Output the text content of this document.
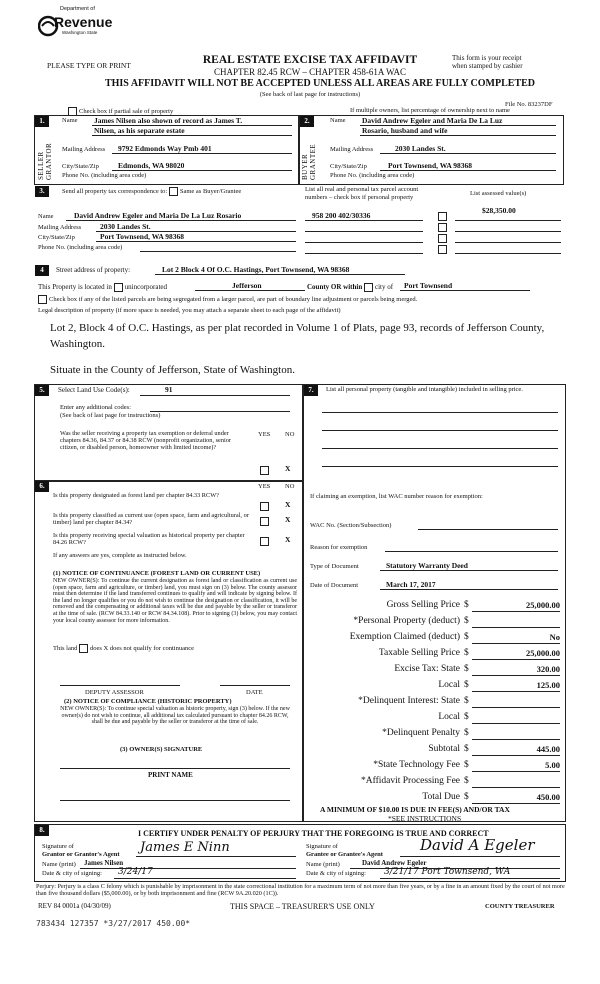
Department of
Revenue
Washington State
PLEASE TYPE OR PRINT	REAL ESTATE EXCISE TAX AFFIDAVIT
CHAPTER 82.45 RCW – CHAPTER 458-61A WAC
THIS AFFIDAVIT WILL NOT BE ACCEPTED UNLESS ALL AREAS ARE FULLY COMPLETED
(See back of last page for instructions)
This form is your receipt
when stamped by cashier
File No. 83237DF
Check box if partial sale of property	If multiple owners, list percentage of ownership next to name
1.	2.
SELLER GRANTOR	BUYER GRANTEE
Name James Nilsen also shown of record as James T.
Nilsen, as his separate estate
Mailing Address 9792 Edmonds Way Pmb 401
City/State/Zip	Edmonds, WA 98020
Phone No. (including area code)
Name David Andrew Egeler and Maria De La Luz
Rosario, husband and wife
Mailing Address	2030 Landes St.
City/State/Zip	Port Townsend, WA 98368
Phone No. (including area code)
3.	Send all property tax correspondence to: Same as Buyer/Grantee	List all real and personal tax parcel account
numbers – check box if personal property
List assessed value(s)
Name	David Andrew Egeler and Maria De La Luz Rosario
Mailing Address	2030 Landes St.
City/State/Zip	Port Townsend, WA 98368
Phone No. (including area code)
958 200 402/30336
$28,350.00
4	Street address of property:	Lot 2 Block 4 Of O.C. Hastings, Port Townsend, WA 98368
This Property is located in unincorporated	Jefferson	County OR within city of Port Townsend
Check box if any of the listed parcels are being segregated from a larger parcel, are part of boundary line adjustment or parcels being merged.
Legal description of property (if more space is needed, you may attach a separate sheet to each page of the affidavit)
Lot 2, Block 4 of O.C. Hastings, as per plat recorded in Volume 1 of Plats, page 93, records of Jefferson County,
Washington.
Situate in the County of Jefferson, State of Washington.
5.	Select Land Use Code(s):	91
Enter any additional codes:
(See back of last page for instructions)
YES NO
Was the seller receiving a property tax exemption or deferral under chapters 84.36, 84.37 or 84.38 RCW (nonprofit organization, senior citizen, or disabled person, homeowner with limited income)?
X
6.	YES NO
Is this property designated as forest land per chapter 84.33 RCW?
X
Is this property classified as current use (open space, farm and agricultural, or timber) land per chapter 84.34?	X
Is this property receiving special valuation as historical property per chapter 84.26 RCW?	X
If any answers are yes, complete as instructed below.
(1) NOTICE OF CONTINUANCE (FOREST LAND OR CURRENT USE)
NEW OWNER(S): To continue the current designation as forest land or classification as current use (open space, farm and agriculture, or timber) land, you must sign on (3) below. The county assessor must then determine if the land transferred continues to qualify and will indicate by signing below. If the land no longer qualifies or you do not wish to continue the designation or classification, it will be removed and the compensating or additional taxes will be due and payable by the seller or transferor at the time of sale. (RCW 84.33.140 or RCW 84.34.108). Prior to signing (3) below, you may contact your local county assessor for more information.
This land does X does not qualify for continuance
DEPUTY ASSESSOR	DATE
(2) NOTICE OF COMPLIANCE (HISTORIC PROPERTY)
NEW OWNER(S): To continue special valuation as historic property, sign (3) below. If the new owner(s) do not wish to continue, all additional tax calculated pursuant to chapter 84.26 RCW, shall be due and payable by the seller or transferor at the time of sale.
(3) OWNER(S) SIGNATURE
PRINT NAME
7.	List all personal property (tangible and intangible) included in selling price.
If claiming an exemption, list WAC number reason for exemption:
WAC No. (Section/Subsection)
Reason for exemption
Type of Document	Statutory Warranty Deed
Date of Document	March 17, 2017
Gross Selling Price $	25,000.00
*Personal Property (deduct) $
Exemption Claimed (deduct) $	No
Taxable Selling Price $	25,000.00
Excise Tax: State $	320.00
Local $	125.00
*Delinquent Interest: State $
Local $
*Delinquent Penalty $
Subtotal $	445.00
*State Technology Fee $	5.00
*Affidavit Processing Fee $
Total Due $	450.00
A MINIMUM OF $10.00 IS DUE IN FEE(S) AND/OR TAX
*SEE INSTRUCTIONS
8.	I CERTIFY UNDER PENALTY OF PERJURY THAT THE FOREGOING IS TRUE AND CORRECT
Signature of
Grantor or Grantor's Agent James E Ninn
Name (print) James Nilsen
Date & city of signing: 3/24/17
Signature of
Grantee or Grantee's Agent
David A Egeler
Name (print)	David Andrew Egeler
Date & city of signing: 3/21/17 Port Townsend, WA
Perjury: Perjury is a class C felony which is punishable by imprisonment in the state correctional institution for a maximum term of not more than five years, or by a fine in an amount fixed by the court of not more than five thousand dollars ($5,000.00), or by both imprisonment and fine (RCW 9A.20.020 (1C)).
REV 84 0001a (04/30/09)	THIS SPACE – TREASURER'S USE ONLY	COUNTY TREASURER
783434 127357 *3/27/2017 450.00*
